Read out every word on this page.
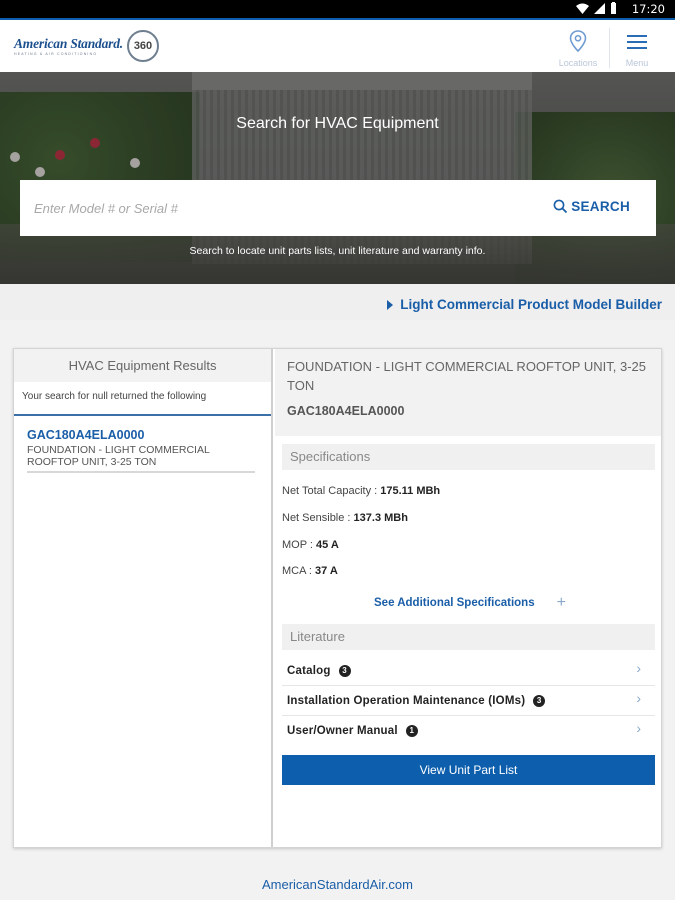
17:20
American Standard.
HEATING & AIR CONDITIONING
360
Locations	Menu
Search for HVAC Equipment
Enter Model # or Serial #
SEARCH
Search to locate unit parts lists, unit literature and warranty info.
Light Commercial Product Model Builder
HVAC Equipment Results
Your search for null returned the following
GAC180A4ELA0000
FOUNDATION - LIGHT COMMERCIAL ROOFTOP UNIT, 3-25 TON
FOUNDATION - LIGHT COMMERCIAL ROOFTOP UNIT, 3-25 TON
GAC180A4ELA0000
Specifications
Net Total Capacity : 175.11 MBh
Net Sensible : 137.3 MBh
MOP : 45 A
MCA : 37 A
See Additional Specifications +
Literature
Catalog 3	›
Installation Operation Maintenance (IOMs) 3	›
User/Owner Manual 1	›
View Unit Part List
AmericanStandardAir.com
